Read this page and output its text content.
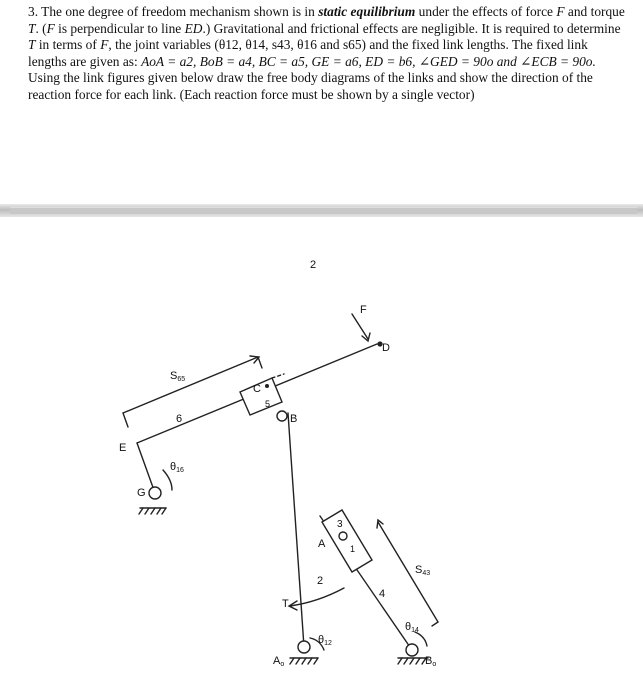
3. The one degree of freedom mechanism shown is in static equilibrium under the effects of force F and torque T. (F is perpendicular to line ED.) Gravitational and frictional effects are negligible. It is required to determine T in terms of F, the joint variables (θ12, θ14, s43, θ16 and s65) and the fixed link lengths. The fixed link lengths are given as: AoA = a2, BoB = a4, BC = a5, GE = a6, ED = b6, ∠GED = 90o and ∠ECB = 90o.

Using the link figures given below draw the free body diagrams of the links and show the direction of the reaction force for each link. (Each reaction force must be shown by a single vector)

2
F
D
S65
C
5
B
6
E
θ16
G
3
A	1
S43
2
4
T
θ14
θ12
Ao	Bo
